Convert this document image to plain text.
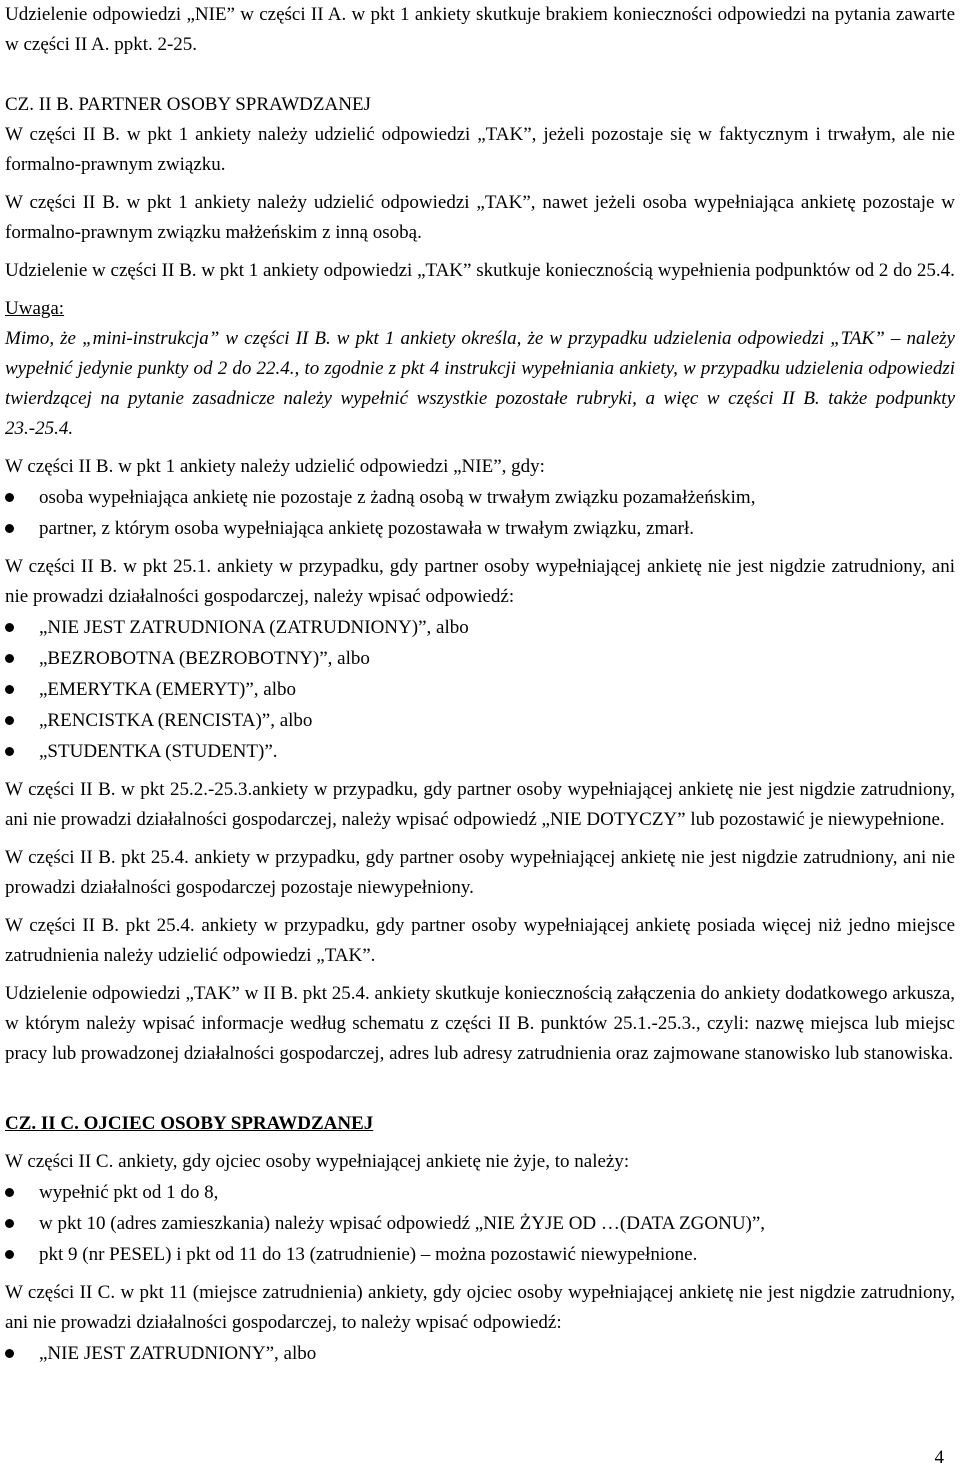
Udzielenie odpowiedzi „NIE” w części II A. w pkt 1 ankiety skutkuje brakiem konieczności odpowiedzi na pytania zawarte w części II A. ppkt. 2-25.

CZ. II B. PARTNER OSOBY SPRAWDZANEJ

W części II B. w pkt 1 ankiety należy udzielić odpowiedzi „TAK”, jeżeli pozostaje się w faktycznym i trwałym, ale nie formalno-prawnym związku.

W części II B. w pkt 1 ankiety należy udzielić odpowiedzi „TAK”, nawet jeżeli osoba wypełniająca ankietę pozostaje w formalno-prawnym związku małżeńskim z inną osobą.

Udzielenie w części II B. w pkt 1 ankiety odpowiedzi „TAK” skutkuje koniecznością wypełnienia podpunktów od 2 do 25.4.

Uwaga:

Mimo, że „mini-instrukcja” w części II B. w pkt 1 ankiety określa, że w przypadku udzielenia odpowiedzi „TAK” – należy wypełnić jedynie punkty od 2 do 22.4., to zgodnie z pkt 4 instrukcji wypełniania ankiety, w przypadku udzielenia odpowiedzi twierdzącej na pytanie zasadnicze należy wypełnić wszystkie pozostałe rubryki, a więc w części II B. także podpunkty 23.-25.4.

W części II B. w pkt 1 ankiety należy udzielić odpowiedzi „NIE”, gdy:

osoba wypełniająca ankietę nie pozostaje z żadną osobą w trwałym związku pozamałżeńskim,
partner, z którym osoba wypełniająca ankietę pozostawała w trwałym związku, zmarł.

W części II B. w pkt 25.1. ankiety w przypadku, gdy partner osoby wypełniającej ankietę nie jest nigdzie zatrudniony, ani nie prowadzi działalności gospodarczej, należy wpisać odpowiedź:

„NIE JEST ZATRUDNIONA (ZATRUDNIONY)”, albo
„BEZROBOTNA (BEZROBOTNY)”, albo
„EMERYTKA (EMERYT)”, albo
„RENCISTKA (RENCISTA)”, albo
„STUDENTKA (STUDENT)”.

W części II B. w pkt 25.2.-25.3.ankiety w przypadku, gdy partner osoby wypełniającej ankietę nie jest nigdzie zatrudniony, ani nie prowadzi działalności gospodarczej, należy wpisać odpowiedź „NIE DOTYCZY” lub pozostawić je niewypełnione.

W części II B. pkt 25.4. ankiety w przypadku, gdy partner osoby wypełniającej ankietę nie jest nigdzie zatrudniony, ani nie prowadzi działalności gospodarczej pozostaje niewypełniony.

W części II B. pkt 25.4. ankiety w przypadku, gdy partner osoby wypełniającej ankietę posiada więcej niż jedno miejsce zatrudnienia należy udzielić odpowiedzi „TAK”.

Udzielenie odpowiedzi „TAK” w II B. pkt 25.4. ankiety skutkuje koniecznością załączenia do ankiety dodatkowego arkusza, w którym należy wpisać informacje według schematu z części II B. punktów 25.1.-25.3., czyli: nazwę miejsca lub miejsc pracy lub prowadzonej działalności gospodarczej, adres lub adresy zatrudnienia oraz zajmowane stanowisko lub stanowiska.

CZ. II C. OJCIEC OSOBY SPRAWDZANEJ

W części II C. ankiety, gdy ojciec osoby wypełniającej ankietę nie żyje, to należy:

wypełnić pkt od 1 do 8,
w pkt 10 (adres zamieszkania) należy wpisać odpowiedź „NIE ŻYJE OD …(DATA ZGONU)”,
pkt 9 (nr PESEL) i pkt od 11 do 13 (zatrudnienie) – można pozostawić niewypełnione.

W części II C. w pkt 11 (miejsce zatrudnienia) ankiety, gdy ojciec osoby wypełniającej ankietę nie jest nigdzie zatrudniony, ani nie prowadzi działalności gospodarczej, to należy wpisać odpowiedź:

„NIE JEST ZATRUDNIONY”, albo
4
